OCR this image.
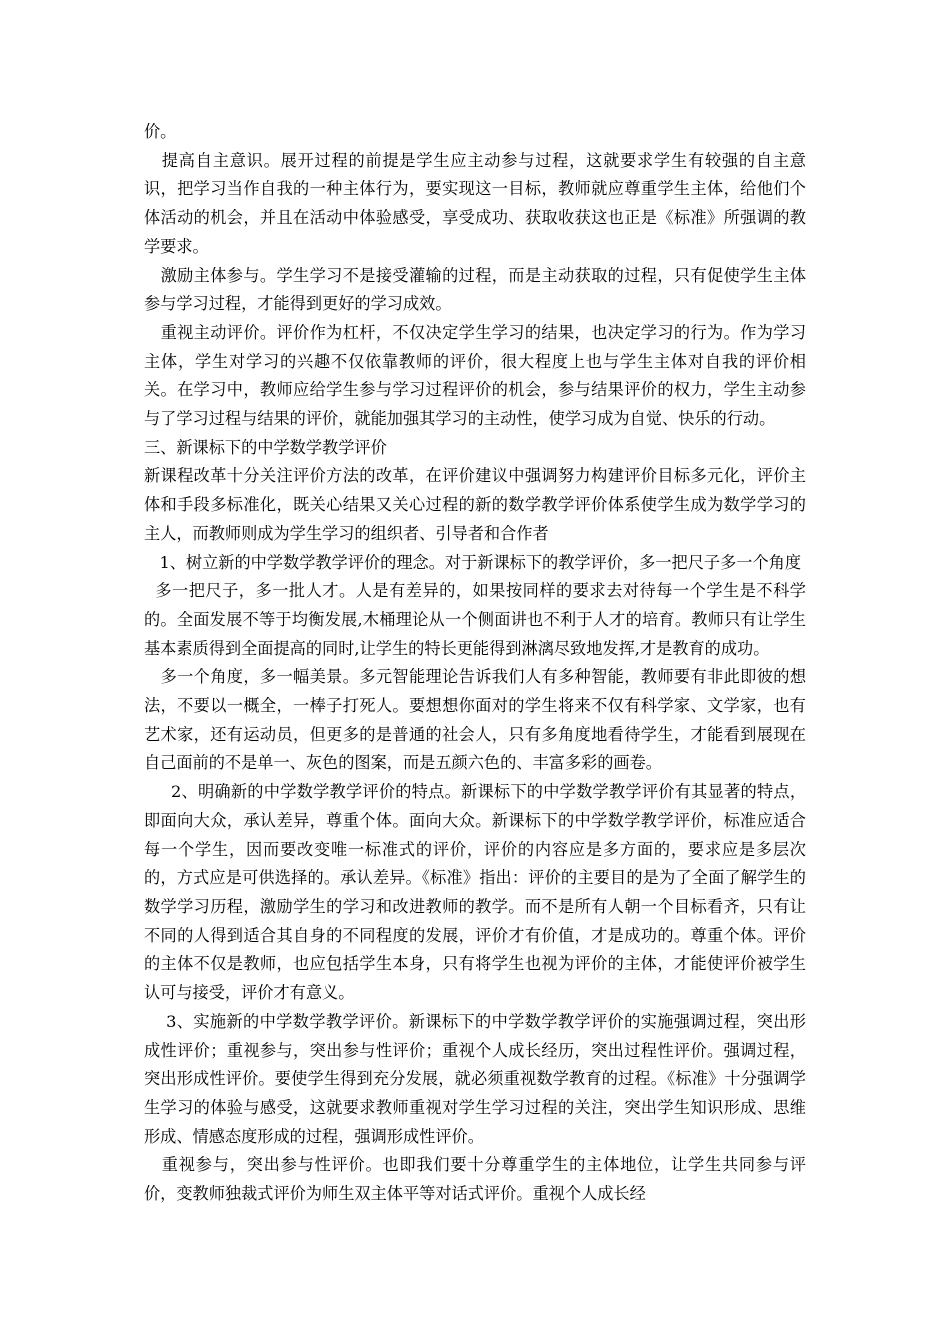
价。

提高自主意识。展开过程的前提是学生应主动参与过程，这就要求学生有较强的自主意识，把学习当作自我的一种主体行为，要实现这一目标，教师就应尊重学生主体，给他们个体活动的机会，并且在活动中体验感受，享受成功、获取收获这也正是《标准》所强调的教学要求。

激励主体参与。学生学习不是接受灌输的过程，而是主动获取的过程，只有促使学生主体参与学习过程，才能得到更好的学习成效。

重视主动评价。评价作为杠杆，不仅决定学生学习的结果，也决定学习的行为。作为学习主体，学生对学习的兴趣不仅依靠教师的评价，很大程度上也与学生主体对自我的评价相关。在学习中，教师应给学生参与学习过程评价的机会，参与结果评价的权力，学生主动参与了学习过程与结果的评价，就能加强其学习的主动性，使学习成为自觉、快乐的行动。

三、新课标下的中学数学教学评价

新课程改革十分关注评价方法的改革，在评价建议中强调努力构建评价目标多元化，评价主体和手段多标准化，既关心结果又关心过程的新的数学教学评价体系使学生成为数学学习的主人，而教师则成为学生学习的组织者、引导者和合作者

1、树立新的中学数学教学评价的理念。对于新课标下的教学评价，多一把尺子多一个角度

多一把尺子，多一批人才。人是有差异的，如果按同样的要求去对待每一个学生是不科学的。全面发展不等于均衡发展,木桶理论从一个侧面讲也不利于人才的培育。教师只有让学生基本素质得到全面提高的同时,让学生的特长更能得到淋漓尽致地发挥,才是教育的成功。

多一个角度，多一幅美景。多元智能理论告诉我们人有多种智能，教师要有非此即彼的想法，不要以一概全，一棒子打死人。要想想你面对的学生将来不仅有科学家、文学家，也有艺术家，还有运动员，但更多的是普通的社会人，只有多角度地看待学生，才能看到展现在自己面前的不是单一、灰色的图案，而是五颜六色的、丰富多彩的画卷。

2、明确新的中学数学教学评价的特点。新课标下的中学数学教学评价有其显著的特点，即面向大众，承认差异，尊重个体。面向大众。新课标下的中学数学教学评价，标准应适合每一个学生，因而要改变唯一标准式的评价，评价的内容应是多方面的，要求应是多层次的，方式应是可供选择的。承认差异。《标准》指出：评价的主要目的是为了全面了解学生的数学学习历程，激励学生的学习和改进教师的教学。而不是所有人朝一个目标看齐，只有让不同的人得到适合其自身的不同程度的发展，评价才有价值，才是成功的。尊重个体。评价的主体不仅是教师，也应包括学生本身，只有将学生也视为评价的主体，才能使评价被学生认可与接受，评价才有意义。

3、实施新的中学数学教学评价。新课标下的中学数学教学评价的实施强调过程，突出形成性评价；重视参与，突出参与性评价；重视个人成长经历，突出过程性评价。强调过程，突出形成性评价。要使学生得到充分发展，就必须重视数学教育的过程。《标准》十分强调学生学习的体验与感受，这就要求教师重视对学生学习过程的关注，突出学生知识形成、思维形成、情感态度形成的过程，强调形成性评价。

重视参与，突出参与性评价。也即我们要十分尊重学生的主体地位，让学生共同参与评价，变教师独裁式评价为师生双主体平等对话式评价。重视个人成长经
